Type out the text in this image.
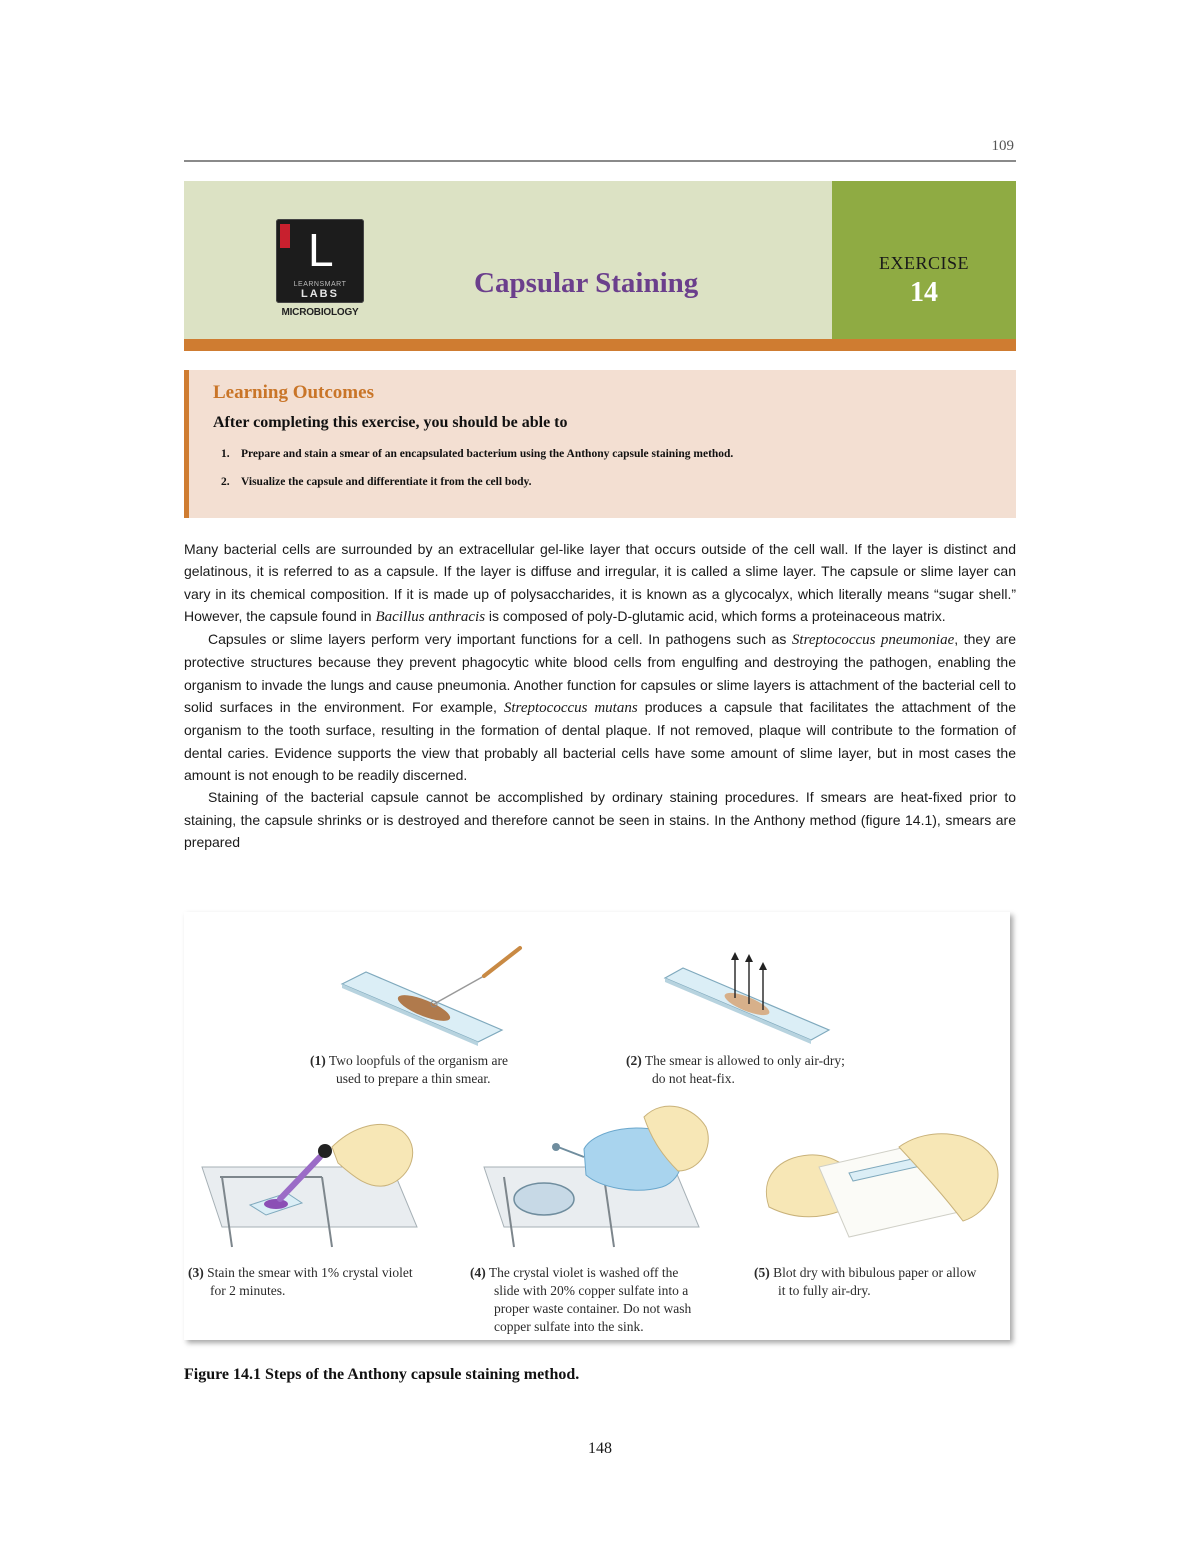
109
L
LEARNSMART
LABS
MICROBIOLOGY
Capsular Staining
EXERCISE
14
Learning Outcomes
After completing this exercise, you should be able to
1. Prepare and stain a smear of an encapsulated bacterium using the Anthony capsule staining method.
2. Visualize the capsule and differentiate it from the cell body.

Many bacterial cells are surrounded by an extracellular gel-like layer that occurs outside of the cell wall. If the layer is distinct and gelatinous, it is referred to as a capsule. If the layer is diffuse and irregular, it is called a slime layer. The capsule or slime layer can vary in its chemical composition. If it is made up of polysaccharides, it is known as a glycocalyx, which literally means “sugar shell.” However, the capsule found in Bacillus anthracis is composed of poly-D-glutamic acid, which forms a proteinaceous matrix.

Capsules or slime layers perform very important functions for a cell. In pathogens such as Streptococcus pneumoniae, they are protective structures because they prevent phagocytic white blood cells from engulfing and destroying the pathogen, enabling the organism to invade the lungs and cause pneumonia. Another function for capsules or slime layers is attachment of the bacterial cell to solid surfaces in the environment. For example, Streptococcus mutans produces a capsule that facilitates the attachment of the organism to the tooth surface, resulting in the formation of dental plaque. If not removed, plaque will contribute to the formation of dental caries. Evidence supports the view that probably all bacterial cells have some amount of slime layer, but in most cases the amount is not enough to be readily discerned.

Staining of the bacterial capsule cannot be accomplished by ordinary staining procedures. If smears are heat-fixed prior to staining, the capsule shrinks or is destroyed and therefore cannot be seen in stains. In the Anthony method (figure 14.1), smears are prepared

(1) Two loopfuls of the organism are
used to prepare a thin smear.
(2) The smear is allowed to only air-dry;
do not heat-fix.
(3) Stain the smear with 1% crystal violet
for 2 minutes.
(4) The crystal violet is washed off the
slide with 20% copper sulfate into a
proper waste container. Do not wash
copper sulfate into the sink.
(5) Blot dry with bibulous paper or allow
it to fully air-dry.
Figure 14.1 Steps of the Anthony capsule staining method.
148
